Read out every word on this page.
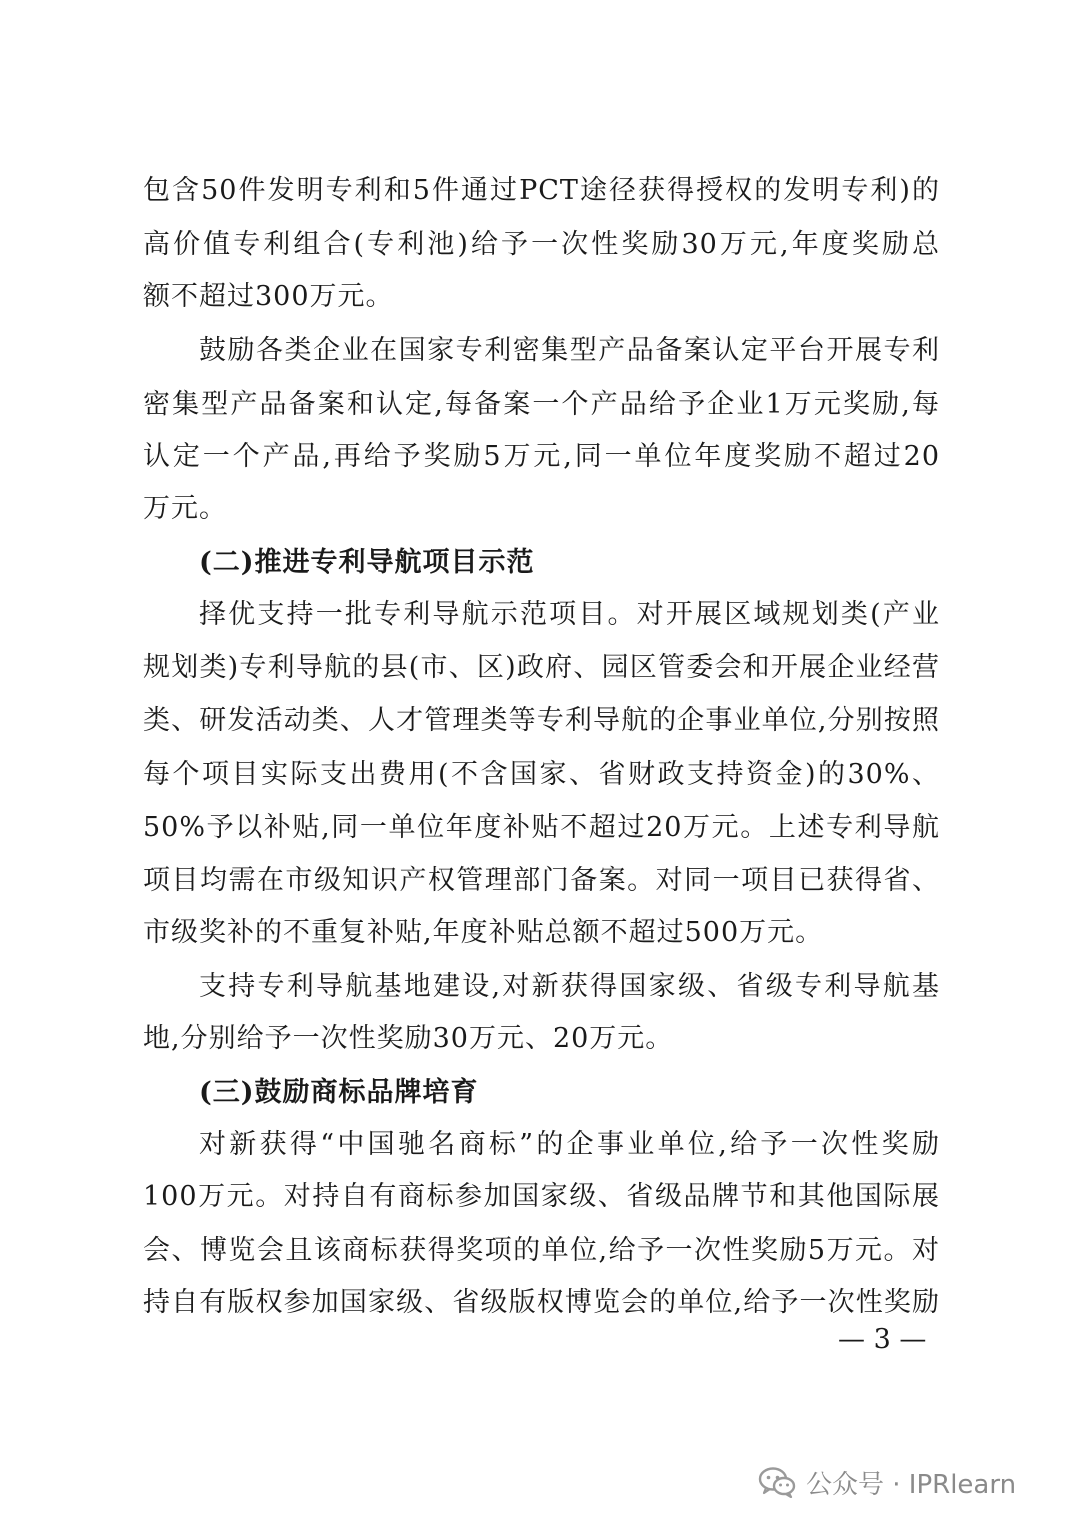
包含50件发明专利和5件通过PCT途径获得授权的发明专利)的
高价值专利组合(专利池)给予一次性奖励30万元,年度奖励总
额不超过300万元。
鼓励各类企业在国家专利密集型产品备案认定平台开展专利
密集型产品备案和认定,每备案一个产品给予企业1万元奖励,每
认定一个产品,再给予奖励5万元,同一单位年度奖励不超过20
万元。
(二)推进专利导航项目示范
择优支持一批专利导航示范项目。对开展区域规划类(产业
规划类)专利导航的县(市、区)政府、园区管委会和开展企业经营
类、研发活动类、人才管理类等专利导航的企事业单位,分别按照
每个项目实际支出费用(不含国家、省财政支持资金)的30%、
50%予以补贴,同一单位年度补贴不超过20万元。上述专利导航
项目均需在市级知识产权管理部门备案。对同一项目已获得省、
市级奖补的不重复补贴,年度补贴总额不超过500万元。
支持专利导航基地建设,对新获得国家级、省级专利导航基
地,分别给予一次性奖励30万元、20万元。
(三)鼓励商标品牌培育
对新获得“中国驰名商标”的企事业单位,给予一次性奖励
100万元。对持自有商标参加国家级、省级品牌节和其他国际展
会、博览会且该商标获得奖项的单位,给予一次性奖励5万元。对
持自有版权参加国家级、省级版权博览会的单位,给予一次性奖励
— 3 —
公众号 · IPRlearn
